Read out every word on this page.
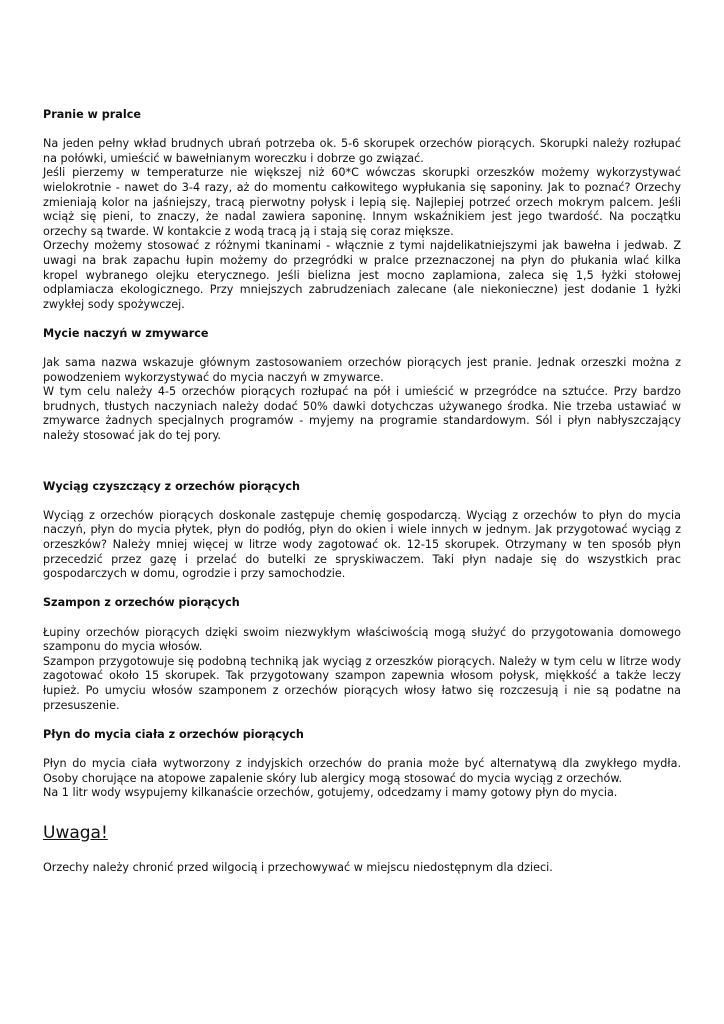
Pranie w pralce

Na jeden pełny wkład brudnych ubrań potrzeba ok. 5-6 skorupek orzechów piorących. Skorupki należy rozłupać na połówki, umieścić w bawełnianym woreczku i dobrze go związać.

Jeśli pierzemy w temperaturze nie większej niż 60*C wówczas skorupki orzeszków możemy wykorzystywać wielokrotnie - nawet do 3-4 razy, aż do momentu całkowitego wypłukania się saponiny. Jak to poznać? Orzechy zmieniają kolor na jaśniejszy, tracą pierwotny połysk i lepią się. Najlepiej potrzeć orzech mokrym palcem. Jeśli wciąż się pieni, to znaczy, że nadal zawiera saponinę. Innym wskaźnikiem jest jego twardość. Na początku orzechy są twarde. W kontakcie z wodą tracą ją i stają się coraz miększe.

Orzechy możemy stosować z różnymi tkaninami - włącznie z tymi najdelikatniejszymi jak bawełna i jedwab. Z uwagi na brak zapachu łupin możemy do przegródki w pralce przeznaczonej na płyn do płukania wlać kilka kropel wybranego olejku eterycznego. Jeśli bielizna jest mocno zaplamiona, zaleca się 1,5 łyżki stołowej odplamiacza ekologicznego. Przy mniejszych zabrudzeniach zalecane (ale niekonieczne) jest dodanie 1 łyżki zwykłej sody spożywczej.

Mycie naczyń w zmywarce

Jak sama nazwa wskazuje głównym zastosowaniem orzechów piorących jest pranie. Jednak orzeszki można z powodzeniem wykorzystywać do mycia naczyń w zmywarce.

W tym celu należy 4-5 orzechów piorących rozłupać na pół i umieścić w przegródce na sztućce. Przy bardzo brudnych, tłustych naczyniach należy dodać 50% dawki dotychczas używanego środka. Nie trzeba ustawiać w zmywarce żadnych specjalnych programów - myjemy na programie standardowym. Sól i płyn nabłyszczający należy stosować jak do tej pory.

Wyciąg czyszczący z orzechów piorących

Wyciąg z orzechów piorących doskonale zastępuje chemię gospodarczą. Wyciąg z orzechów to płyn do mycia naczyń, płyn do mycia płytek, płyn do podłóg, płyn do okien i wiele innych w jednym. Jak przygotować wyciąg z orzeszków? Należy mniej więcej w litrze wody zagotować ok. 12-15 skorupek. Otrzymany w ten sposób płyn przecedzić przez gazę i przelać do butelki ze spryskiwaczem. Taki płyn nadaje się do wszystkich prac gospodarczych w domu, ogrodzie i przy samochodzie.

Szampon z orzechów piorących

Łupiny orzechów piorących dzięki swoim niezwykłym właściwością mogą służyć do przygotowania domowego szamponu do mycia włosów.

Szampon przygotowuje się podobną techniką jak wyciąg z orzeszków piorących. Należy w tym celu w litrze wody zagotować około 15 skorupek. Tak przygotowany szampon zapewnia włosom połysk, miękkość a także leczy łupież. Po umyciu włosów szamponem z orzechów piorących włosy łatwo się rozczesują i nie są podatne na przesuszenie.

Płyn do mycia ciała z orzechów piorących

Płyn do mycia ciała wytworzony z indyjskich orzechów do prania może być alternatywą dla zwykłego mydła. Osoby chorujące na atopowe zapalenie skóry lub alergicy mogą stosować do mycia wyciąg z orzechów.

Na 1 litr wody wsypujemy kilkanaście orzechów, gotujemy, odcedzamy i mamy gotowy płyn do mycia.

Uwaga!

Orzechy należy chronić przed wilgocią i przechowywać w miejscu niedostępnym dla dzieci.
